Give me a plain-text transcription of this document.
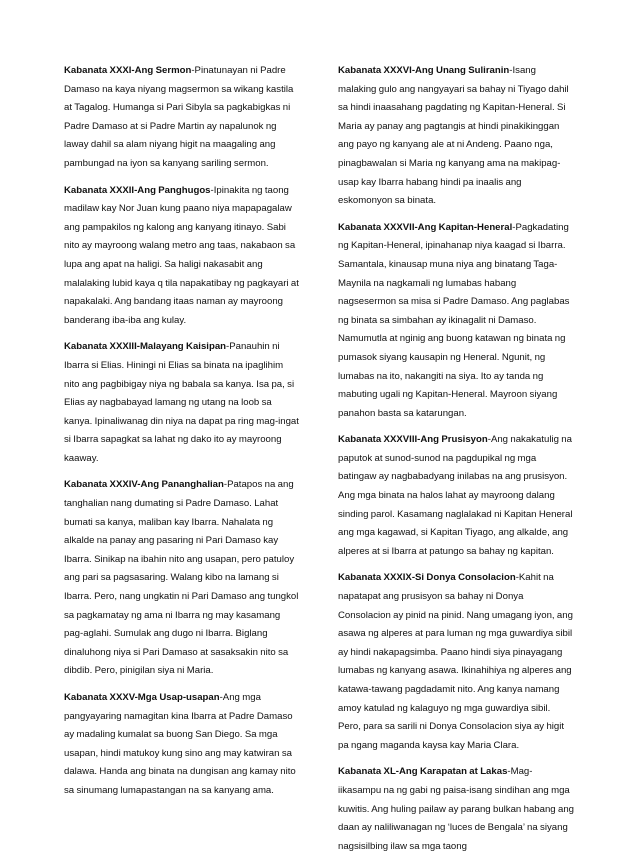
Kabanata XXXI-Ang Sermon-Pinatunayan ni Padre Damaso na kaya niyang magsermon sa wikang kastila at Tagalog. Humanga si Pari Sibyla sa pagkabigkas ni Padre Damaso at si Padre Martin ay napalunok ng laway dahil sa alam niyang higit na maagaling ang pambungad na iyon sa kanyang sariling sermon.

Kabanata XXXII-Ang Panghugos-Ipinakita ng taong madilaw kay Nor Juan kung paano niya mapapagalaw ang pampakilos ng kalong ang kanyang itinayo. Sabi nito ay mayroong walang metro ang taas, nakabaon sa lupa ang apat na haligi. Sa haligi nakasabit ang malalaking lubid kaya q tila napakatibay ng pagkayari at napakalaki. Ang bandang itaas naman ay mayroong banderang iba-iba ang kulay.

Kabanata XXXIII-Malayang Kaisipan-Panauhin ni Ibarra si Elias. Hiningi ni Elias sa binata na ipaglihim nito ang pagbibigay niya ng babala sa kanya. Isa pa, si Elias ay nagbabayad lamang ng utang na loob sa kanya. Ipinaliwanag din niya na dapat pa ring mag-ingat si Ibarra sapagkat sa lahat ng dako ito ay mayroong kaaway.

Kabanata XXXIV-Ang Pananghalian-Patapos na ang tanghalian nang dumating si Padre Damaso. Lahat bumati sa kanya, maliban kay Ibarra. Nahalata ng alkalde na panay ang pasaring ni Pari Damaso kay Ibarra. Sinikap na ibahin nito ang usapan, pero patuloy ang pari sa pagsasaring. Walang kibo na lamang si Ibarra. Pero, nang ungkatin ni Pari Damaso ang tungkol sa pagkamatay ng ama ni Ibarra ng may kasamang pag-aglahi. Sumulak ang dugo ni Ibarra. Biglang dinaluhong niya si Pari Damaso at sasaksakin nito sa dibdib. Pero, pinigilan siya ni Maria.

Kabanata XXXV-Mga Usap-usapan-Ang mga pangyayaring namagitan kina Ibarra at Padre Damaso ay madaling kumalat sa buong San Diego. Sa mga usapan, hindi matukoy kung sino ang may katwiran sa dalawa. Handa ang binata na dungisan ang kamay nito sa sinumang lumapastangan na sa kanyang ama.

Kabanata XXXVI-Ang Unang Suliranin-Isang malaking gulo ang nangyayari sa bahay ni Tiyago dahil sa hindi inaasahang pagdating ng Kapitan-Heneral. Si Maria ay panay ang pagtangis at hindi pinakikinggan ang payo ng kanyang ale at ni Andeng. Paano nga, pinagbawalan si Maria ng kanyang ama na makipag-usap kay Ibarra habang hindi pa inaalis ang eskomonyon sa binata.

Kabanata XXXVII-Ang Kapitan-Heneral-Pagkadating ng Kapitan-Heneral, ipinahanap niya kaagad si Ibarra. Samantala, kinausap muna niya ang binatang Taga-Maynila na nagkamali ng lumabas habang nagsesermon sa misa si Padre Damaso. Ang paglabas ng binata sa simbahan ay ikinagalit ni Damaso. Namumutla at nginig ang buong katawan ng binata ng pumasok siyang kausapin ng Heneral. Ngunit, ng lumabas na ito, nakangiti na siya. Ito ay tanda ng mabuting ugali ng Kapitan-Heneral. Mayroon siyang panahon basta sa katarungan.

Kabanata XXXVIII-Ang Prusisyon-Ang nakakatulig na paputok at sunod-sunod na pagdupikal ng mga batingaw ay nagbabadyang inilabas na ang prusisyon. Ang mga binata na halos lahat ay mayroong dalang sinding parol. Kasamang naglalakad ni Kapitan Heneral ang mga kagawad, si Kapitan Tiyago, ang alkalde, ang alperes at si Ibarra at patungo sa bahay ng kapitan.

Kabanata XXXIX-Si Donya Consolacion-Kahit na napatapat ang prusisyon sa bahay ni Donya Consolacion ay pinid na pinid. Nang umagang iyon, ang asawa ng alperes at para luman ng mga guwardiya sibil ay hindi nakapagsimba. Paano hindi siya pinayagang lumabas ng kanyang asawa. Ikinahihiya ng alperes ang katawa-tawang pagdadamit nito. Ang kanya namang amoy katulad ng kalaguyo ng mga guwardiya sibil. Pero, para sa sarili ni Donya Consolacion siya ay higit pa ngang maganda kaysa kay Maria Clara.

Kabanata XL-Ang Karapatan at Lakas-Mag-iikasampu na ng gabi ng paisa-isang sindihan ang mga kuwitis. Ang huling pailaw ay parang bulkan habang ang daan ay naliliwanagan ng ‘luces de Bengala’ na siyang nagsisilbing ilaw sa mga taong
